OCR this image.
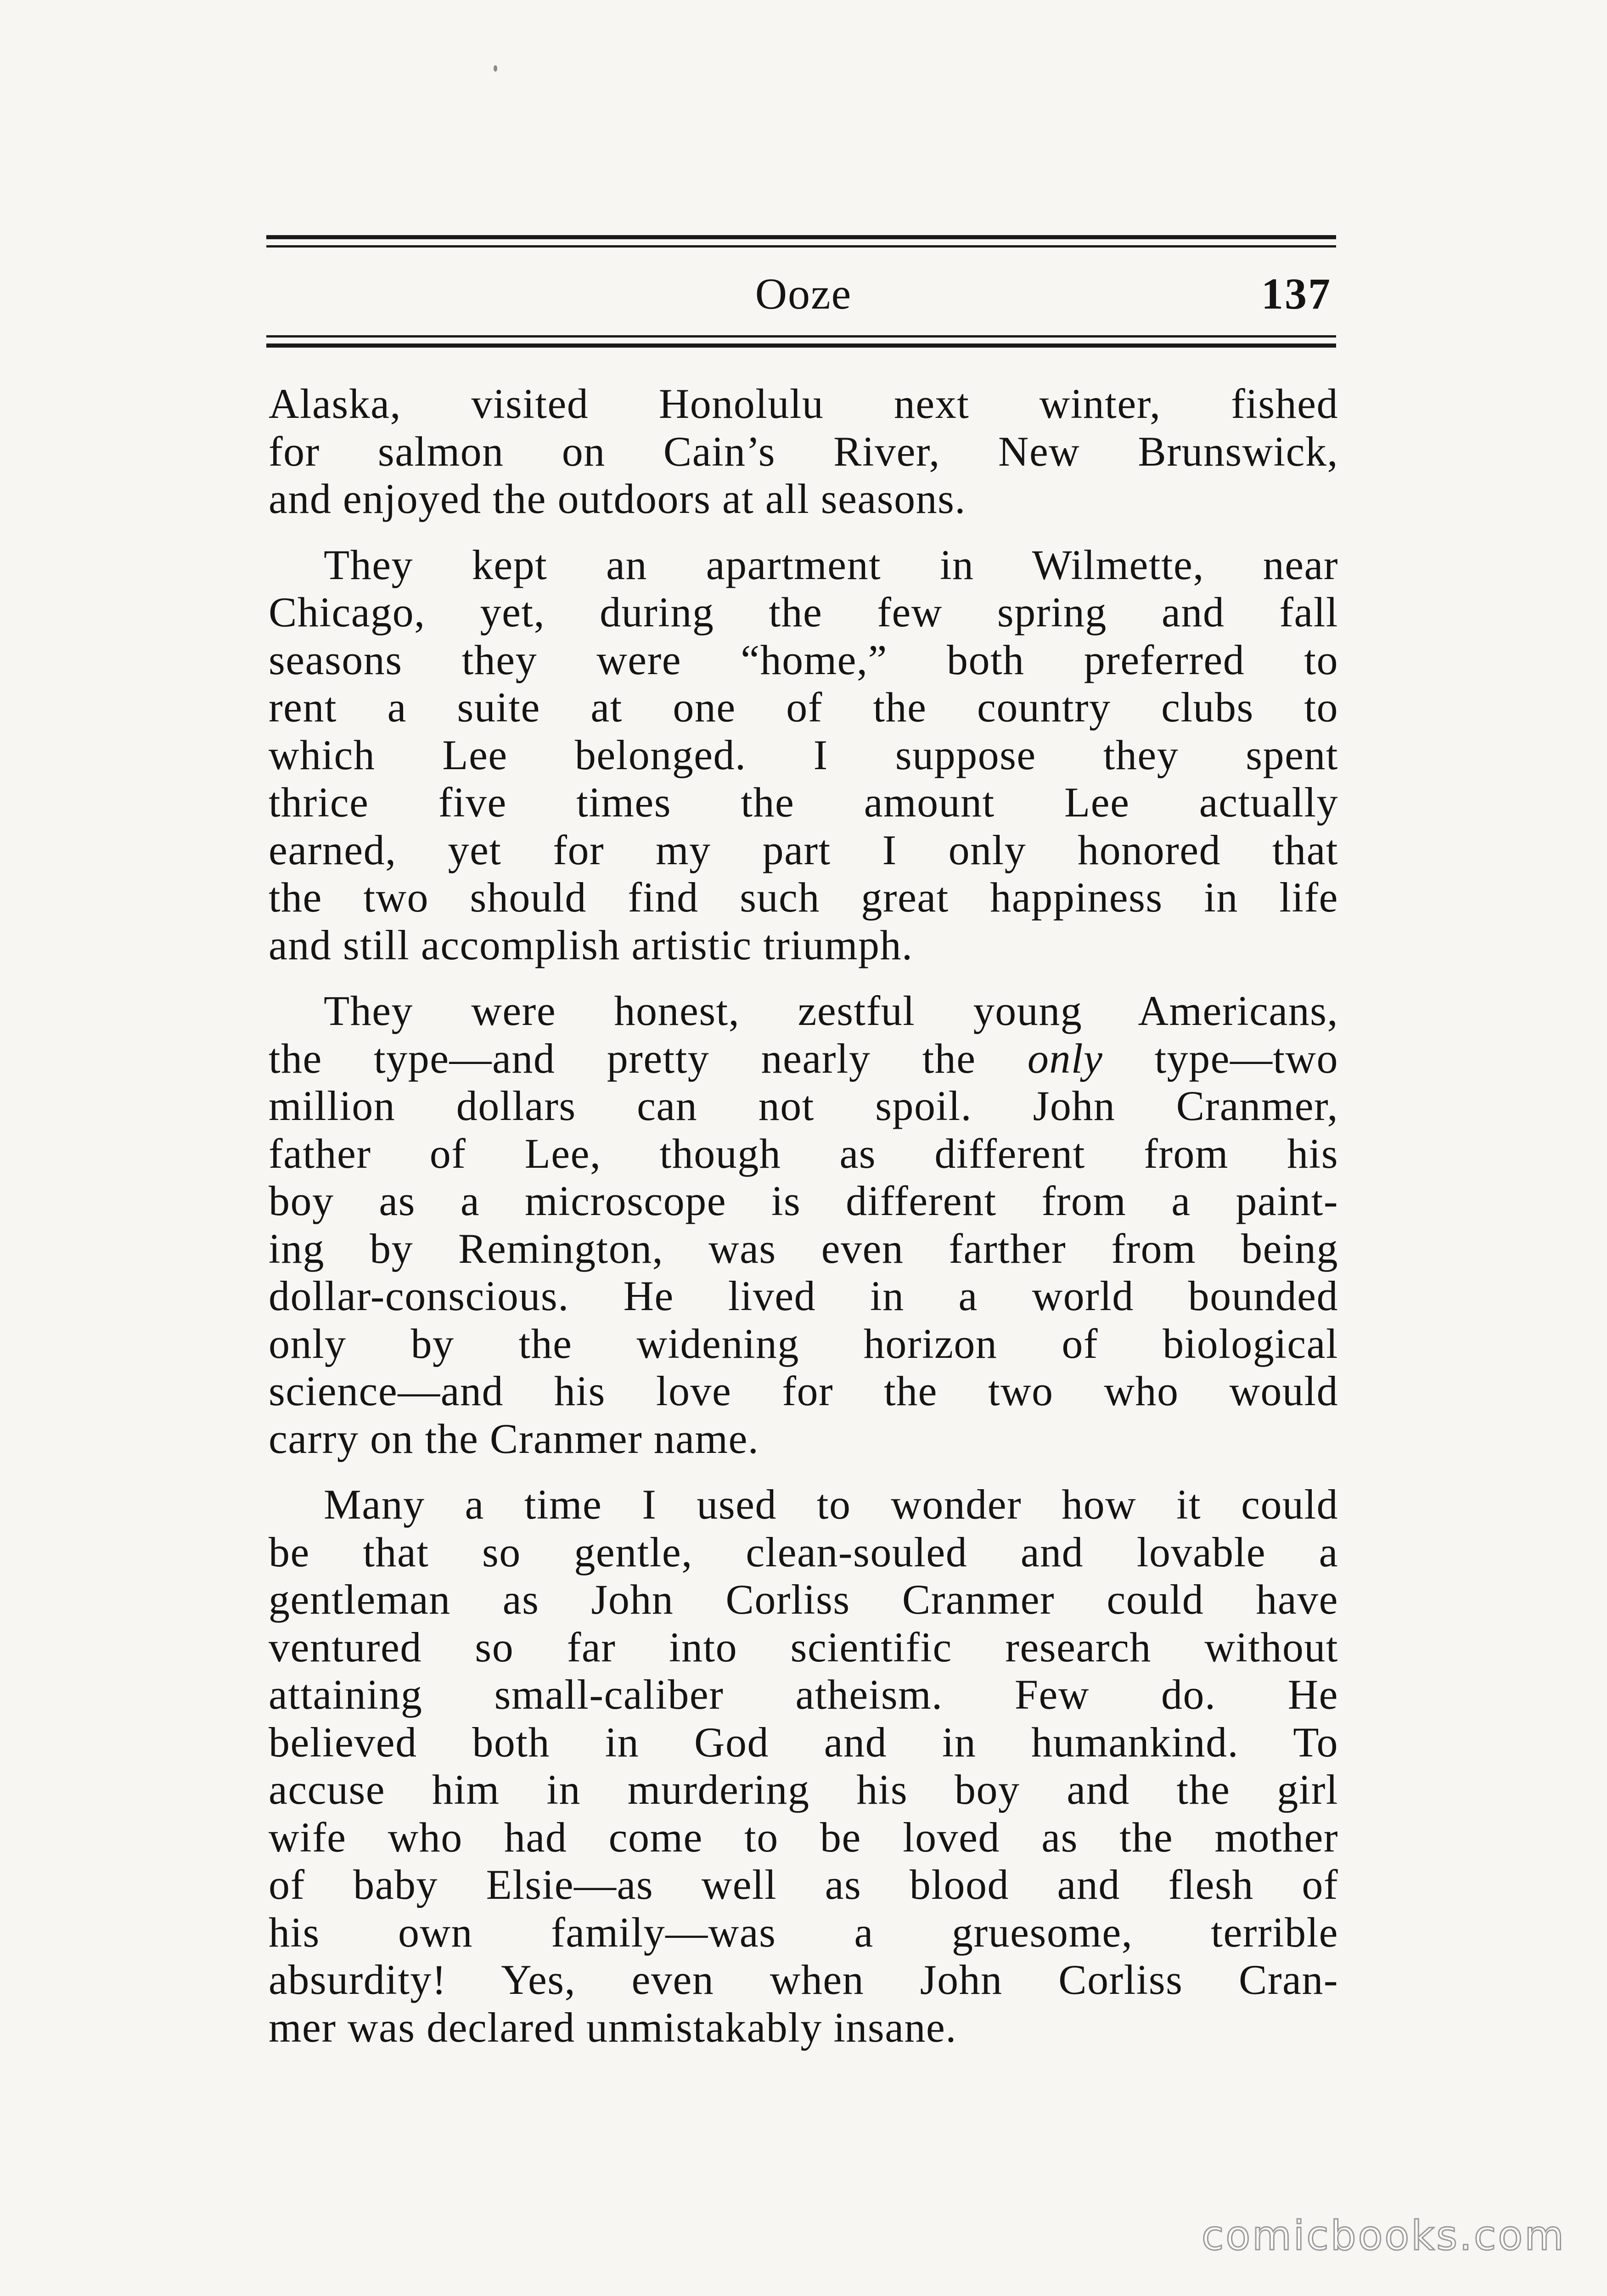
Ooze	137

Alaska, visited Honolulu next winter, fished
for salmon on Cain’s River, New Brunswick,
and enjoyed the outdoors at all seasons.

They kept an apartment in Wilmette, near
Chicago, yet, during the few spring and fall
seasons they were “home,” both preferred to
rent a suite at one of the country clubs to
which Lee belonged. I suppose they spent
thrice five times the amount Lee actually
earned, yet for my part I only honored that
the two should find such great happiness in life
and still accomplish artistic triumph.

They were honest, zestful young Americans,
the type—and pretty nearly the only type—two
million dollars can not spoil. John Cranmer,
father of Lee, though as different from his
boy as a microscope is different from a paint-
ing by Remington, was even farther from being
dollar-conscious. He lived in a world bounded
only by the widening horizon of biological
science—and his love for the two who would
carry on the Cranmer name.

Many a time I used to wonder how it could
be that so gentle, clean-souled and lovable a
gentleman as John Corliss Cranmer could have
ventured so far into scientific research without
attaining small-caliber atheism. Few do. He
believed both in God and in humankind. To
accuse him in murdering his boy and the girl
wife who had come to be loved as the mother
of baby Elsie—as well as blood and flesh of
his own family—was a gruesome, terrible
absurdity! Yes, even when John Corliss Cran-
mer was declared unmistakably insane.

comicbooks.com
